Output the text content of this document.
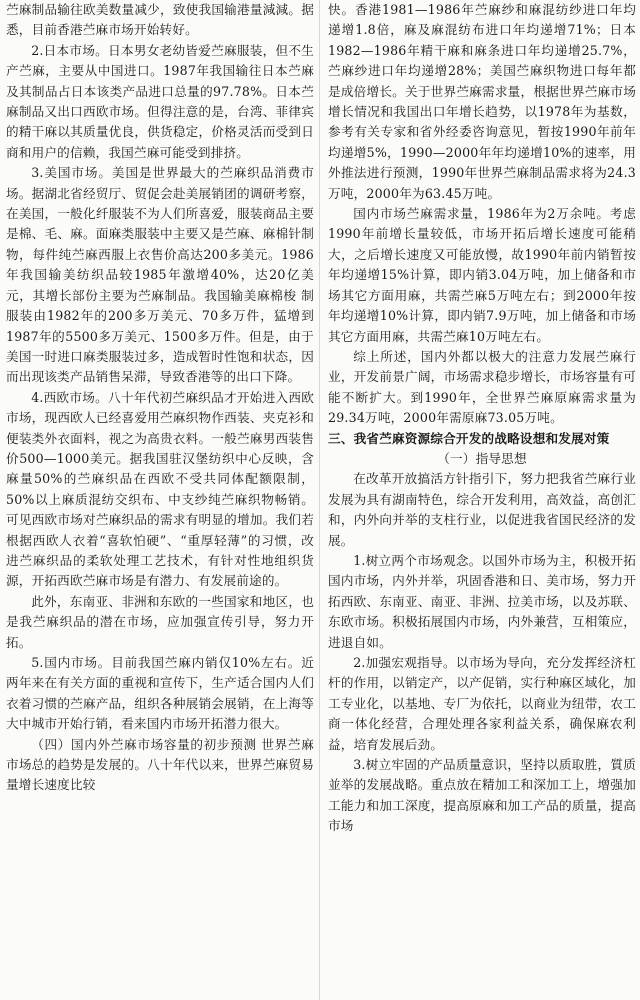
苎麻制品输往欧美数量减少，致使我国输港量減減。据悉，目前香港苎麻市场开始转好。

2.日本市场。日本男女老幼皆爱苎麻服装，但不生产苎麻，主要从中国进口。1987年我国输往日本苎麻及其制品占日本该类产品进口总量的97.78%。日本苎麻制品又出口西欧市场。但得注意的是，台湾、菲律宾的精干麻以其质量优良，供货稳定，价格灵活而受到日商和用户的信赖，我国苎麻可能受到排挤。

3.美国市场。美国是世界最大的苎麻织品消费市场。据湖北省经贸厅、贸促会赴美展销团的调研考察，在美国，一般化纤服装不为人们所喜爱，服装商品主要是棉、毛、麻。面麻类服装中主要又是苎麻、麻棉针制物，每件纯苎麻西服上衣售价高达200多美元。1986年我国输美纺织品较1985年激增40%，达20亿美元，其增长部份主要为苎麻制品。我国输美麻棉梭 制服装由1982年的200多万美元、70多万件，猛增到1987年的5500多万美元、1500多万件。但是，由于美国一时进口麻类服装过多，造成暂时性饱和状态，因而出现该类产品销售呆滞，导致香港等的出口下降。

4.西欧市场。八十年代初苎麻织品才开始进入西欧市场，现西欧人已经喜爱用苎麻织物作西装、夹克衫和便装类外衣面料，视之为高贵衣料。一般苎麻男西装售价500—1000美元。据我国驻汉堡纺织中心反映，含麻量50%的苎麻织品在西欧不受共同体配额限制，50%以上麻质混纺交织布、中支纱纯苎麻织物畅销。可见西欧市场对苎麻织品的需求有明显的增加。我们若根据西欧人衣着“喜软怕硬”、“重厚轻薄”的习惯，改进苎麻织品的柔软处理工艺技术，有针对性地组织货源，开拓西欧苎麻市场是有潜力、有发展前途的。

此外，东南亚、非洲和东欧的一些国家和地区，也是我苎麻织品的潜在市场，应加强宣传引导，努力开拓。

5.国内市场。目前我国苎麻内销仅10%左右。近两年来在有关方面的重视和宣传下，生产适合国内人们衣着习惯的苎麻产品，组织各种展销会展销，在上海等大中城市开始行销，看来国内市场开拓潜力很大。

（四）国内外苎麻市场容量的初步预测 世界苎麻市场总的趋势是发展的。八十年代以来，世界苎麻贸易量增长速度比较

快。香港1981—1986年苎麻纱和麻混纺纱进口年均递增1.8倍，麻及麻混纺布进口年均递增71%；日本1982—1986年精干麻和麻条进口年均递增25.7%，苎麻纱进口年均递增28%；美国苎麻织物进口每年都是成倍增长。关于世界苎麻需求量，根据世界苎麻市场增长情况和我国出口年增长趋势，以1978年为基数，参考有关专家和省外经委咨询意见，暂按1990年前年均递增5%，1990—2000年年均递增10%的速率，用外推法进行预测，1990年世界苎麻制品需求将为24.3万吨，2000年为63.45万吨。

国内市场苎麻需求量，1986年为2万余吨。考虑1990年前增长量较低，市场开拓后增长速度可能稍大，之后增长速度又可能放慢，故1990年前内销暂按年均递增15%计算，即内销3.04万吨，加上储备和市场其它方面用麻，共需苎麻5万吨左右；到2000年按年均递增10%计算，即内销7.9万吨，加上储备和市场其它方面用麻，共需苎麻10万吨左右。

综上所述，国内外都以极大的注意力发展苎麻行业，开发前景广阔，市场需求稳步增长，市场容量有可能不断扩大。到1990年，全世界苎麻原麻需求量为29.34万吨，2000年需原麻73.05万吨。

三、我省苎麻资源综合开发的战略设想和发展对策

（一）指导思想

在改革开放搞活方针指引下，努力把我省苎麻行业发展为具有湖南特色，综合开发利用，高效益，高创汇和，内外向并举的支柱行业，以促进我省国民经济的发展。

1.树立两个市场观念。以国外市场为主，积极开拓国内市场，内外并举，巩固香港和日、美市场，努力开拓西欧、东南亚、南亚、非洲、拉美市场，以及苏联、东欧市场。积极拓展国内市场，内外兼营，互相策应，进退自如。

2.加强宏观指导。以市场为导向，充分发挥经济杠杆的作用，以销定产，以产促销，实行种麻区域化，加工专业化，以基地、专厂为依托，以商业为纽带，农工商一体化经营，合理处理各家利益关系，确保麻农利益，培育发展后劲。

3.树立牢固的产品质量意识，坚持以质取胜，質质並举的发展战略。重点放在精加工和深加工上，增强加工能力和加工深度，提高原麻和加工产品的质量，提高市场
